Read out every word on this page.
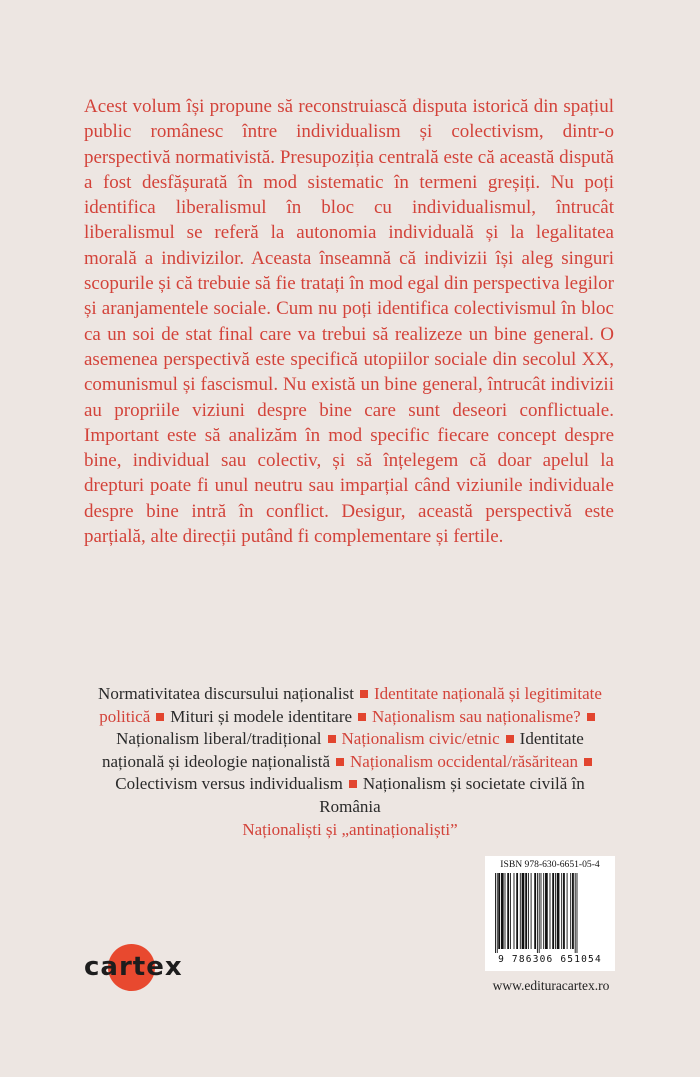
Acest volum își propune să reconstruiască disputa istorică din spațiul public românesc între individualism și colectivism, dintr-o perspectivă normativistă. Presupoziția centrală este că această dispută a fost desfășurată în mod sistematic în termeni greșiți. Nu poți identifica liberalismul în bloc cu individualismul, întrucât liberalismul se referă la autonomia individuală și la legalitatea morală a indivizilor. Aceasta înseamnă că indivizii își aleg singuri scopurile și că trebuie să fie tratați în mod egal din perspectiva legilor și aranjamentele sociale. Cum nu poți identifica colectivismul în bloc ca un soi de stat final care va trebui să realizeze un bine general. O asemenea perspectivă este specifică utopiilor sociale din secolul XX, comunismul și fascismul. Nu există un bine general, întrucât indivizii au propriile viziuni despre bine care sunt deseori conflictuale. Important este să analizăm în mod specific fiecare concept despre bine, individual sau colectiv, și să înțelegem că doar apelul la drepturi poate fi unul neutru sau imparțial când viziunile individuale despre bine intră în conflict. Desigur, această perspectivă este parțială, alte direcții putând fi complementare și fertile.

Normativitatea discursului naționalist Identitate națională și legitimitate politică Mituri și modele identitare Naționalism sau naționalisme?Naționalism liberal/tradițional Naționalism civic/etnic Identitate națională și ideologie naționalistă Naționalism occidental/răsăriteanColectivism versus individualism Naționalism și societate civilă în România
Naționaliști și „antinaționaliști”

ISBN 978-630-6651-05-4
9 786306 651054
cartex
www.edituracartex.ro
